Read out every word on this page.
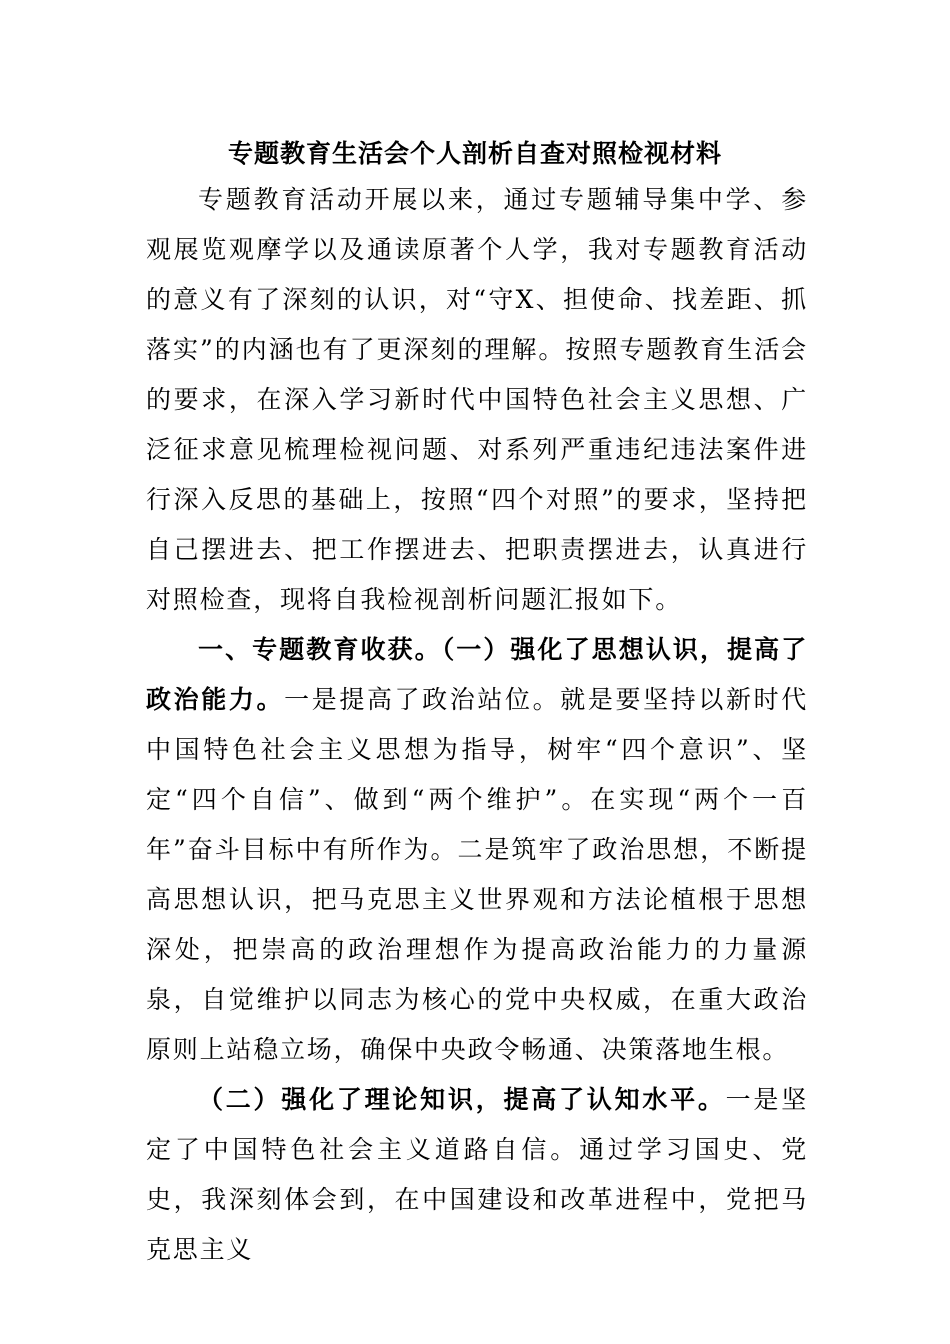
专题教育生活会个人剖析自查对照检视材料

专题教育活动开展以来，通过专题辅导集中学、参观展览观摩学以及通读原著个人学，我对专题教育活动的意义有了深刻的认识，对“守X、担使命、找差距、抓落实”的内涵也有了更深刻的理解。按照专题教育生活会的要求，在深入学习新时代中国特色社会主义思想、广泛征求意见梳理检视问题、对系列严重违纪违法案件进行深入反思的基础上，按照“四个对照”的要求，坚持把自己摆进去、把工作摆进去、把职责摆进去，认真进行对照检查，现将自我检视剖析问题汇报如下。

一、专题教育收获。（一）强化了思想认识，提高了政治能力。一是提高了政治站位。就是要坚持以新时代中国特色社会主义思想为指导，树牢“四个意识”、坚定“四个自信”、做到“两个维护”。在实现“两个一百年”奋斗目标中有所作为。二是筑牢了政治思想，不断提高思想认识，把马克思主义世界观和方法论植根于思想深处，把崇高的政治理想作为提高政治能力的力量源泉，自觉维护以同志为核心的党中央权威，在重大政治原则上站稳立场，确保中央政令畅通、决策落地生根。

（二）强化了理论知识，提高了认知水平。一是坚定了中国特色社会主义道路自信。通过学习国史、党史，我深刻体会到，在中国建设和改革进程中，党把马克思主义
